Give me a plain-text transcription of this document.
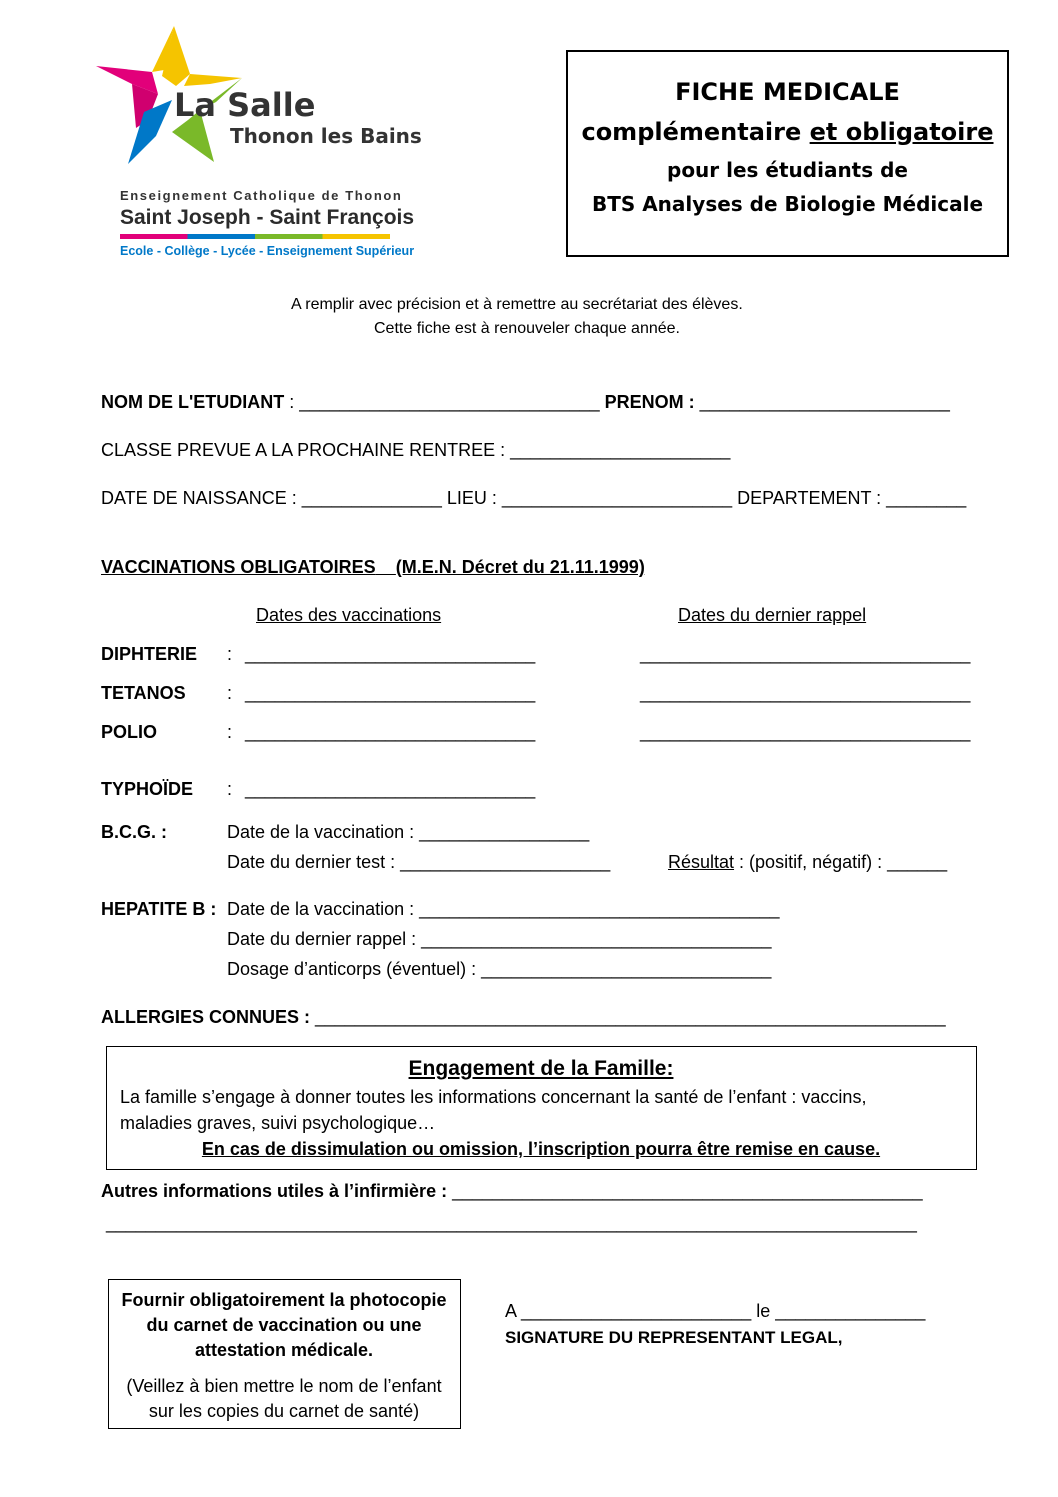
La Salle
Thonon les Bains
Enseignement Catholique de Thonon
Saint Joseph - Saint François
Ecole - Collège - Lycée - Enseignement Supérieur
FICHE MEDICALE
complémentaire et obligatoire
pour les étudiants de
BTS Analyses de Biologie Médicale
A remplir avec précision et à remettre au secrétariat des élèves.
Cette fiche est à renouveler chaque année.
NOM DE L'ETUDIANT : ______________________________ PRENOM : _________________________
CLASSE PREVUE A LA PROCHAINE RENTREE : ______________________
DATE DE NAISSANCE : ______________ LIEU : _______________________ DEPARTEMENT : ________
VACCINATIONS OBLIGATOIRES (M.E.N. Décret du 21.11.1999)
Dates des vaccinations	Dates du dernier rappel
DIPHTERIE : _____________________________	_________________________________
TETANOS : _____________________________	_________________________________
POLIO	: _____________________________	_________________________________
TYPHOÏDE : _____________________________
B.C.G. :	Date de la vaccination : _________________
Date du dernier test : _____________________	Résultat : (positif, négatif) : ______
HEPATITE B : Date de la vaccination : ____________________________________
Date du dernier rappel : ___________________________________
Dosage d’anticorps (éventuel) : _____________________________
ALLERGIES CONNUES : _______________________________________________________________
Engagement de la Famille:
La famille s’engage à donner toutes les informations concernant la santé de l’enfant : vaccins,
maladies graves, suivi psychologique…
En cas de dissimulation ou omission, l’inscription pourra être remise en cause.
Autres informations utiles à l’infirmière : _______________________________________________
_________________________________________________________________________________
Fournir obligatoirement la photocopie
du carnet de vaccination ou une
attestation médicale.
(Veillez à bien mettre le nom de l’enfant
sur les copies du carnet de santé)
A _______________________ le _______________
SIGNATURE DU REPRESENTANT LEGAL,
